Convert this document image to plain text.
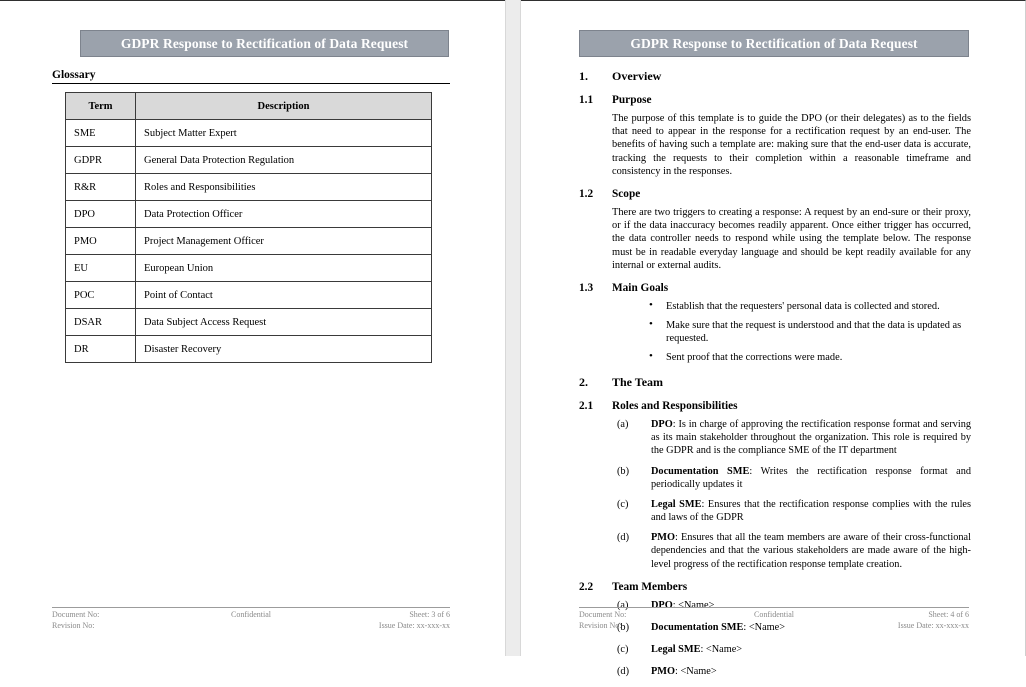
GDPR Response to Rectification of Data Request
Glossary
Term	Description
SME	Subject Matter Expert
GDPR	General Data Protection Regulation
R&R	Roles and Responsibilities
DPO	Data Protection Officer
PMO	Project Management Officer
EU	European Union
POC	Point of Contact
DSAR	Data Subject Access Request
DR	Disaster Recovery
Document No:	Confidential	Sheet: 3 of 6
Revision No:	Issue Date: xx-xxx-xx
GDPR Response to Rectification of Data Request
1.	Overview
1.1	Purpose
The purpose of this template is to guide the DPO (or their delegates) as to the fields that need to appear in the response for a rectification request by an end-user. The benefits of having such a template are: making sure that the end-user data is accurate, tracking the requests to their completion within a reasonable timeframe and consistency in the responses.
1.2	Scope
There are two triggers to creating a response: A request by an end-sure or their proxy, or if the data inaccuracy becomes readily apparent. Once either trigger has occurred, the data controller needs to respond while using the template below. The response must be in readable everyday language and should be kept readily available for any internal or external audits.
1.3	Main Goals
• Establish that the requesters' personal data is collected and stored.
• Make sure that the request is understood and that the data is updated as requested.
• Sent proof that the corrections were made.
2.	The Team
2.1	Roles and Responsibilities
(a)	DPO: Is in charge of approving the rectification response format and serving as its main stakeholder throughout the organization. This role is required by the GDPR and is the compliance SME of the IT department
(b)	Documentation SME: Writes the rectification response format and periodically updates it
(c)	Legal SME: Ensures that the rectification response complies with the rules and laws of the GDPR
(d)	PMO: Ensures that all the team members are aware of their cross-functional dependencies and that the various stakeholders are made aware of the high-level progress of the rectification response template creation.
2.2	Team Members
(a)	DPO: <Name>
(b)	Documentation SME: <Name>
(c)	Legal SME: <Name>
(d)	PMO: <Name>
Document No:	Confidential	Sheet: 4 of 6
Revision No:	Issue Date: xx-xxx-xx
